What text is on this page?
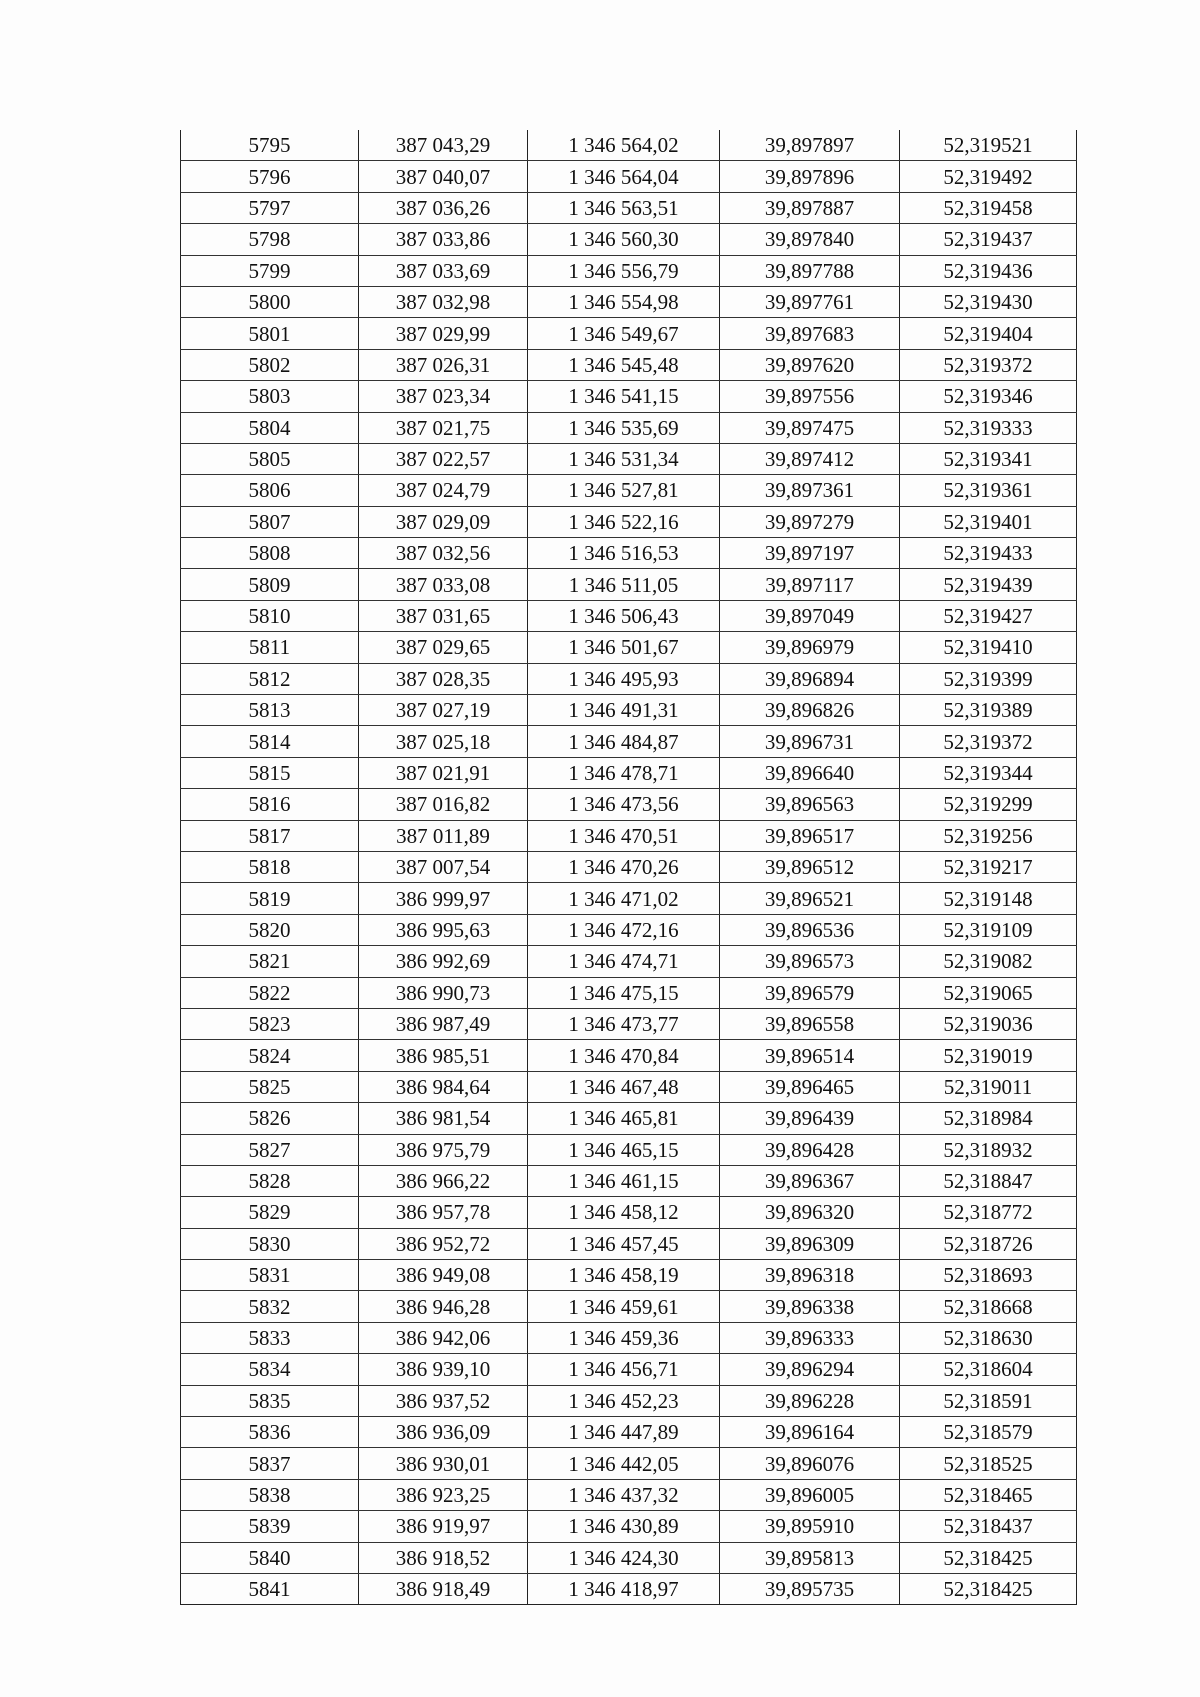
5795	387 043,29	1 346 564,02	39,897897	52,319521
5796	387 040,07	1 346 564,04	39,897896	52,319492
5797	387 036,26	1 346 563,51	39,897887	52,319458
5798	387 033,86	1 346 560,30	39,897840	52,319437
5799	387 033,69	1 346 556,79	39,897788	52,319436
5800	387 032,98	1 346 554,98	39,897761	52,319430
5801	387 029,99	1 346 549,67	39,897683	52,319404
5802	387 026,31	1 346 545,48	39,897620	52,319372
5803	387 023,34	1 346 541,15	39,897556	52,319346
5804	387 021,75	1 346 535,69	39,897475	52,319333
5805	387 022,57	1 346 531,34	39,897412	52,319341
5806	387 024,79	1 346 527,81	39,897361	52,319361
5807	387 029,09	1 346 522,16	39,897279	52,319401
5808	387 032,56	1 346 516,53	39,897197	52,319433
5809	387 033,08	1 346 511,05	39,897117	52,319439
5810	387 031,65	1 346 506,43	39,897049	52,319427
5811	387 029,65	1 346 501,67	39,896979	52,319410
5812	387 028,35	1 346 495,93	39,896894	52,319399
5813	387 027,19	1 346 491,31	39,896826	52,319389
5814	387 025,18	1 346 484,87	39,896731	52,319372
5815	387 021,91	1 346 478,71	39,896640	52,319344
5816	387 016,82	1 346 473,56	39,896563	52,319299
5817	387 011,89	1 346 470,51	39,896517	52,319256
5818	387 007,54	1 346 470,26	39,896512	52,319217
5819	386 999,97	1 346 471,02	39,896521	52,319148
5820	386 995,63	1 346 472,16	39,896536	52,319109
5821	386 992,69	1 346 474,71	39,896573	52,319082
5822	386 990,73	1 346 475,15	39,896579	52,319065
5823	386 987,49	1 346 473,77	39,896558	52,319036
5824	386 985,51	1 346 470,84	39,896514	52,319019
5825	386 984,64	1 346 467,48	39,896465	52,319011
5826	386 981,54	1 346 465,81	39,896439	52,318984
5827	386 975,79	1 346 465,15	39,896428	52,318932
5828	386 966,22	1 346 461,15	39,896367	52,318847
5829	386 957,78	1 346 458,12	39,896320	52,318772
5830	386 952,72	1 346 457,45	39,896309	52,318726
5831	386 949,08	1 346 458,19	39,896318	52,318693
5832	386 946,28	1 346 459,61	39,896338	52,318668
5833	386 942,06	1 346 459,36	39,896333	52,318630
5834	386 939,10	1 346 456,71	39,896294	52,318604
5835	386 937,52	1 346 452,23	39,896228	52,318591
5836	386 936,09	1 346 447,89	39,896164	52,318579
5837	386 930,01	1 346 442,05	39,896076	52,318525
5838	386 923,25	1 346 437,32	39,896005	52,318465
5839	386 919,97	1 346 430,89	39,895910	52,318437
5840	386 918,52	1 346 424,30	39,895813	52,318425
5841	386 918,49	1 346 418,97	39,895735	52,318425
